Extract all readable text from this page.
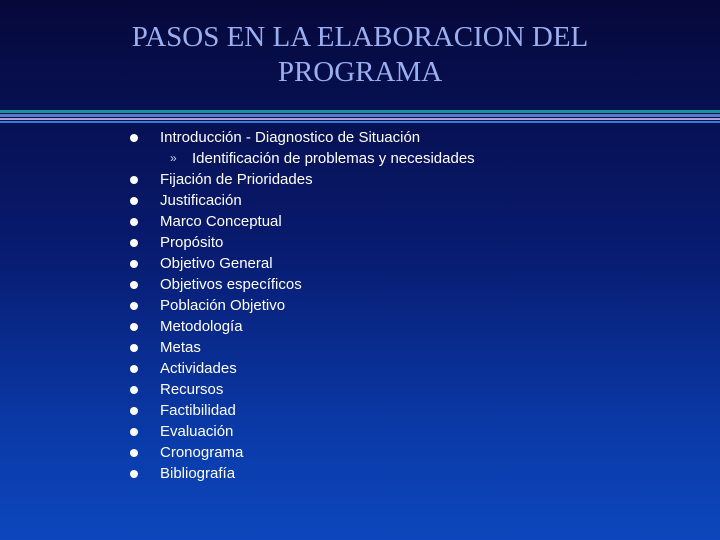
PASOS EN LA ELABORACION DEL
PROGRAMA
Introducción - Diagnostico de Situación
» Identificación de problemas y necesidades
Fijación de Prioridades
Justificación
Marco Conceptual
Propósito
Objetivo General
Objetivos específicos
Población Objetivo
Metodología
Metas
Actividades
Recursos
Factibilidad
Evaluación
Cronograma
Bibliografía
